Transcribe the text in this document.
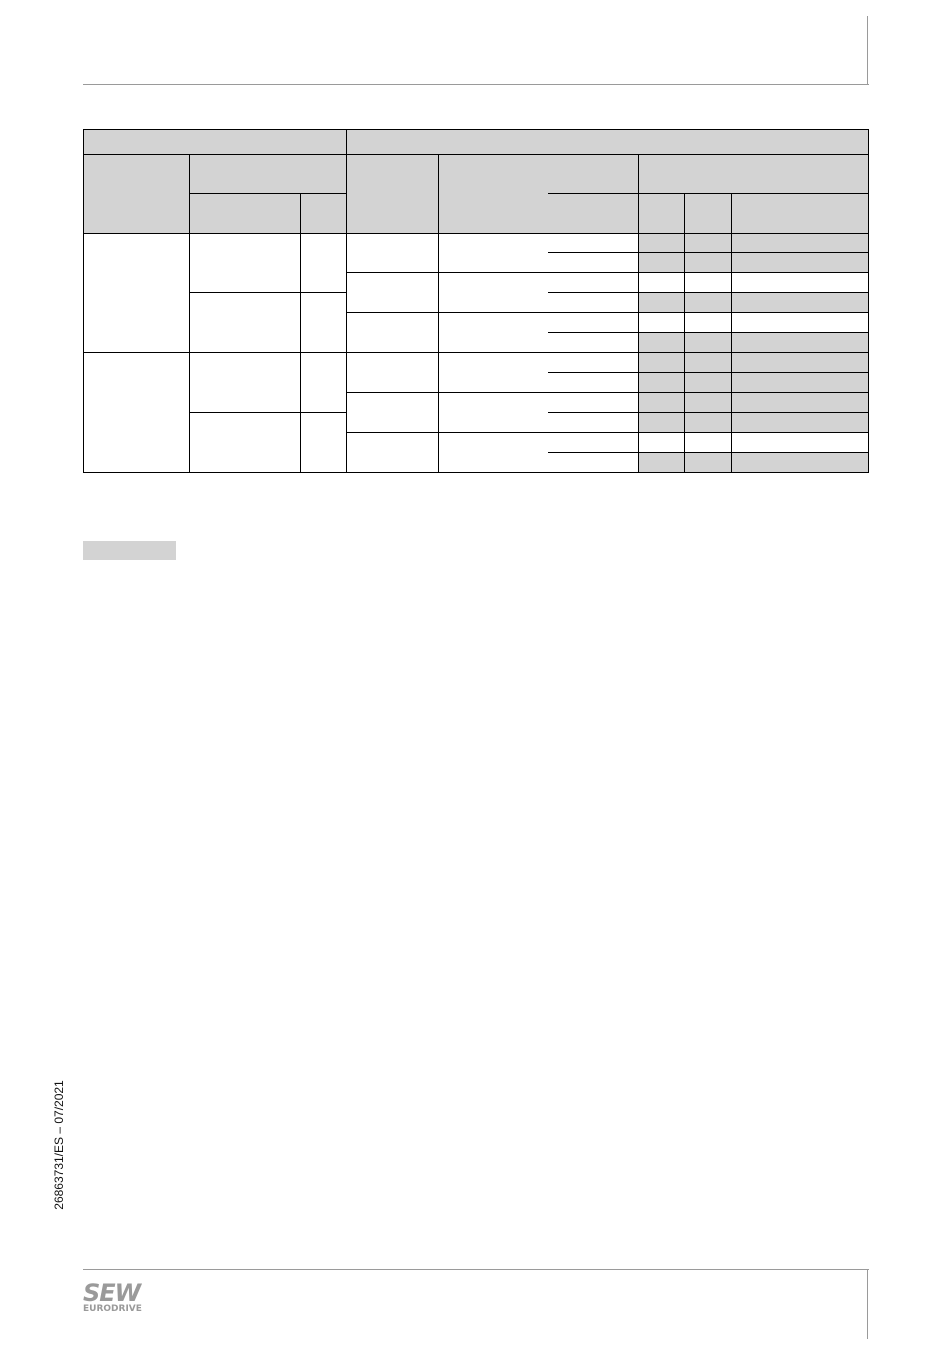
26863731/ES – 07/2021
SEW
EURODRIVE
